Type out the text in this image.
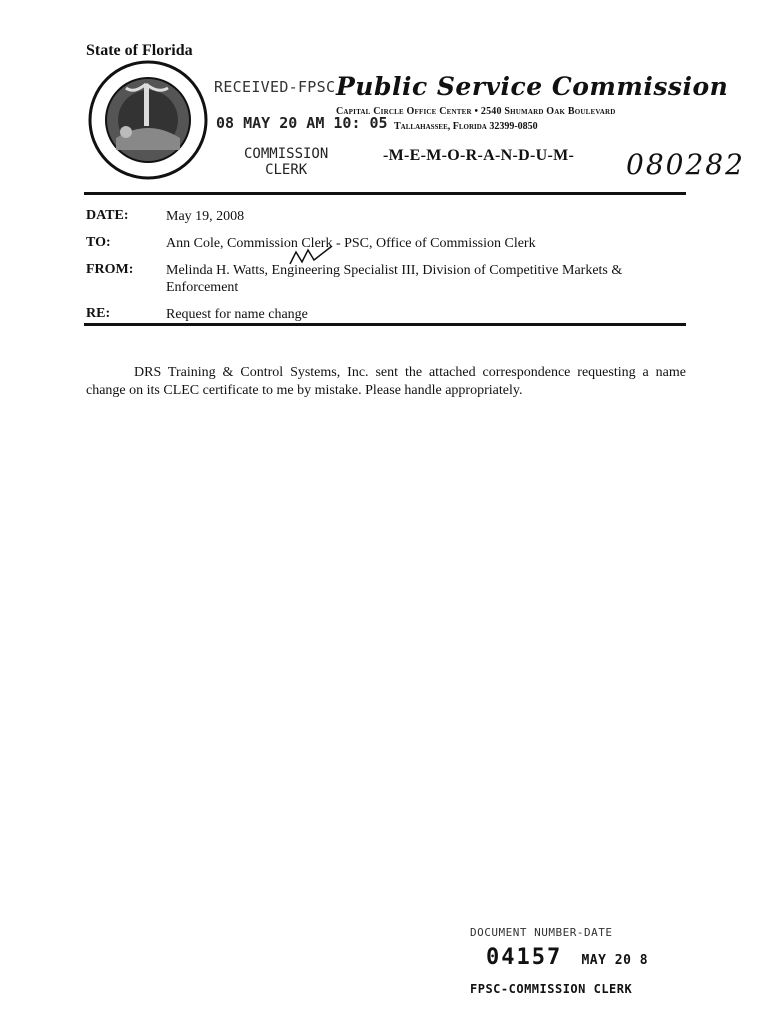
State of Florida
RECEIVED-FPSC Public Service Commission
08 MAY 20 AM 10: 05
Capital Circle Office Center • 2540 Shumard Oak Boulevard
Tallahassee, Florida 32399-0850
COMMISSION
CLERK
-M-E-M-O-R-A-N-D-U-M- 080282
DATE:	May 19, 2008
TO:	Ann Cole, Commission Clerk - PSC, Office of Commission Clerk
FROM: Melinda H. Watts, Engineering Specialist III, Division of Competitive Markets & Enforcement
RE:	Request for name change
DRS Training & Control Systems, Inc. sent the attached correspondence requesting a name change on its CLEC certificate to me by mistake. Please handle appropriately.
DOCUMENT NUMBER-DATE
04157 MAY 20 8
FPSC-COMMISSION CLERK
